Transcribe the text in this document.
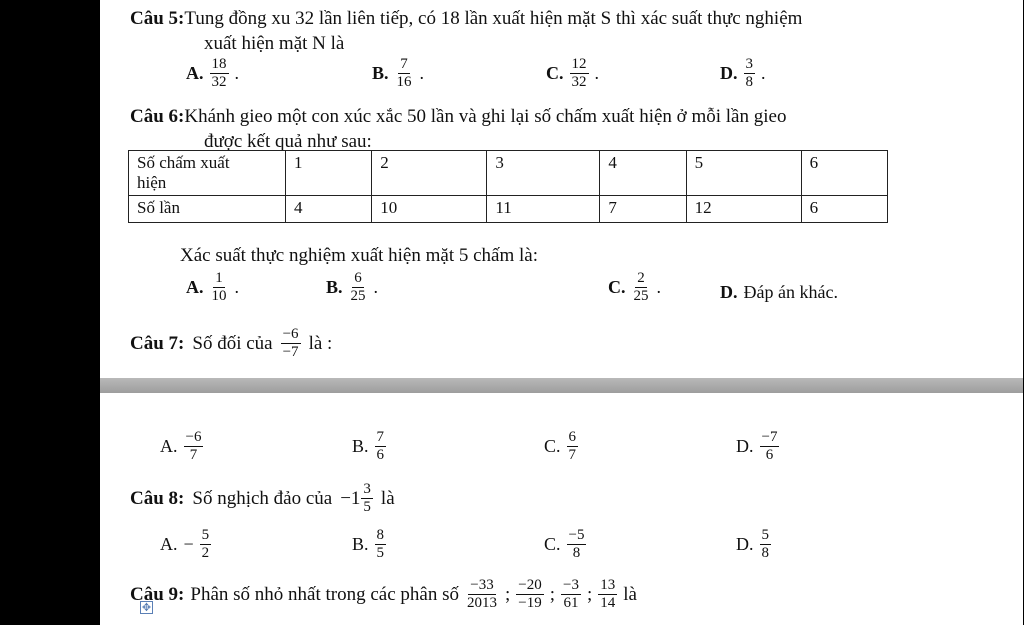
Câu 5:Tung đồng xu 32 lần liên tiếp, có 18 lần xuất hiện mặt S thì xác suất thực nghiệm
xuất hiện mặt N là
A. 18
32 .	B. 7
16 .	C. 12
32 .	D. 3
8 .
Câu 6:Khánh gieo một con xúc xắc 50 lần và ghi lại số chấm xuất hiện ở mỗi lần gieo
được kết quả như sau:
Số chấm xuất
hiện	1	2	3	4	5	6
Số lần	4	10	11	7	12	6
Xác suất thực nghiệm xuất hiện mặt 5 chấm là:
A. 1
10 .	B. 6
25 .	C. 2
25 .	D. Đáp án khác.
Câu 7: Số đối của −6
−7 là :
A. −6
7	B. 7
6	C. 6
7	D. −7
6
Câu 8: Số nghịch đảo của −1 3
5 là
A. − $\frac{5}{2}$	B. 8
5	C. −5
8	D. 5
8
Câu 9: Phân số nhỏ nhất trong các phân số −33
2013 ; −20
−19 ; −3
61 ; 13
14 là
✥
